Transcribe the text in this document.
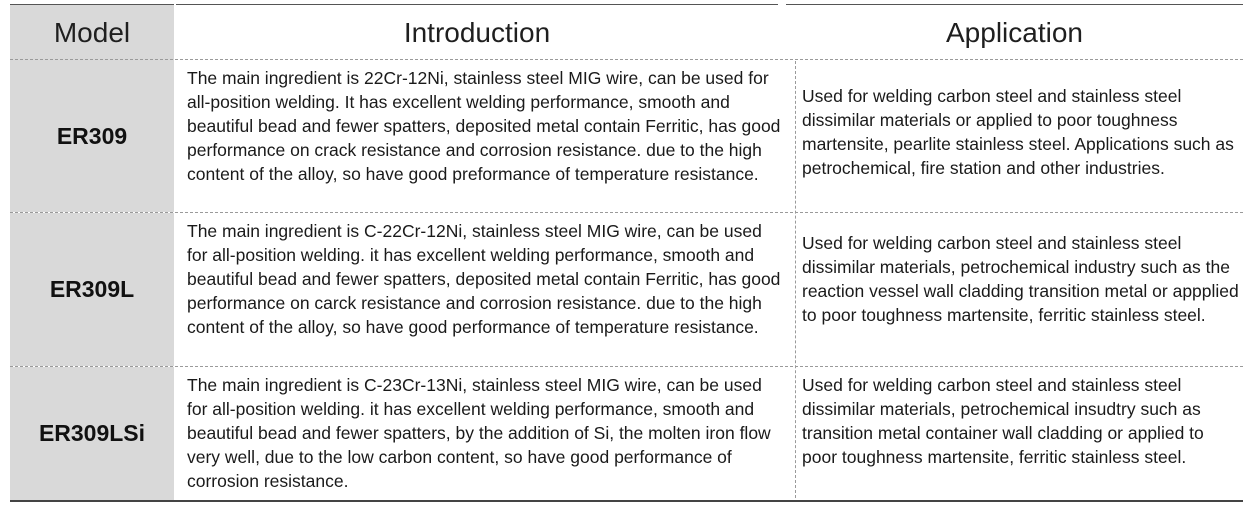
Model	Introduction	Application
ER309
The main ingredient is 22Cr-12Ni, stainless steel MIG wire, can be used for all-position welding. It has excellent welding performance, smooth and beautiful bead and fewer spatters, deposited metal contain Ferritic, has good performance on crack resistance and corrosion resistance. due to the high content of the alloy, so have good preformance of temperature resistance.
Used for welding carbon steel and stainless steel dissimilar materials or applied to poor toughness martensite, pearlite stainless steel. Applications such as petrochemical, fire station and other industries.
ER309L
The main ingredient is C-22Cr-12Ni, stainless steel MIG wire, can be used for all-position welding. it has excellent welding performance, smooth and beautiful bead and fewer spatters, deposited metal contain Ferritic, has good performance on carck resistance and corrosion resistance. due to the high content of the alloy, so have good performance of temperature resistance.
Used for welding carbon steel and stainless steel dissimilar materials, petrochemical industry such as the reaction vessel wall cladding transition metal or appplied to poor toughness martensite, ferritic stainless steel.
ER309LSi
The main ingredient is C-23Cr-13Ni, stainless steel MIG wire, can be used for all-position welding. it has excellent welding performance, smooth and beautiful bead and fewer spatters, by the addition of Si, the molten iron flow very well, due to the low carbon content, so have good performance of corrosion resistance.
Used for welding carbon steel and stainless steel dissimilar materials, petrochemical insudtry such as transition metal container wall cladding or applied to poor toughness martensite, ferritic stainless steel.
